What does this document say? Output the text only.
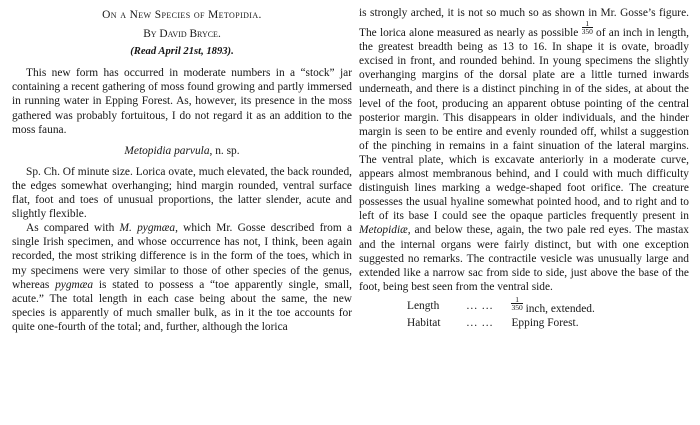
On a New Species of Metopidia.

By David Bryce.

(Read April 21st, 1893).

This new form has occurred in moderate numbers in a “stock” jar containing a recent gathering of moss found growing and partly immersed in running water in Epping Forest. As, however, its presence in the moss gathered was probably fortuitous, I do not regard it as an addition to the moss fauna.

Metopidia parvula, n. sp.

Sp. Ch. Of minute size. Lorica ovate, much elevated, the back rounded, the edges somewhat overhanging; hind margin rounded, ventral surface flat, foot and toes of unusual proportions, the latter slender, acute and slightly flexible.

As compared with M. pygmæa, which Mr. Gosse described from a single Irish specimen, and whose occurrence has not, I think, been again recorded, the most striking difference is in the form of the toes, which in my specimens were very similar to those of other species of the genus, whereas pygmæa is stated to possess a “toe apparently single, small, acute.” The total length in each case being about the same, the new species is apparently of much smaller bulk, as in it the toe accounts for quite one-fourth of the total; and, further, although the lorica

is strongly arched, it is not so much so as shown in Mr. Gosse’s figure. The lorica alone measured as nearly as possible $\frac{1}{350}$ of an inch in length, the greatest breadth being as 13 to 16. In shape it is ovate, broadly excised in front, and rounded behind. In young specimens the slightly overhanging margins of the dorsal plate are a little turned inwards underneath, and there is a distinct pinching in of the sides, at about the level of the foot, producing an apparent obtuse pointing of the central posterior margin. This disappears in older individuals, and the hinder margin is seen to be entire and evenly rounded off, whilst a suggestion of the pinching in remains in a faint sinuation of the lateral margins. The ventral plate, which is excavate anteriorly in a moderate curve, appears almost membranous behind, and I could with much difficulty distinguish lines marking a wedge-shaped foot orifice. The creature possesses the usual hyaline somewhat pointed hood, and to right and to left of its base I could see the opaque particles frequently present in Metopidiæ, and below these, again, the two pale red eyes. The mastax and the internal organs were fairly distinct, but with one exception suggested no remarks. The contractile vesicle was unusually large and extended like a narrow sac from side to side, just above the base of the foot, being best seen from the ventral side.

Length	... ...	$\frac{1}{350}$ inch, extended.
Habitat	... ...	Epping Forest.
